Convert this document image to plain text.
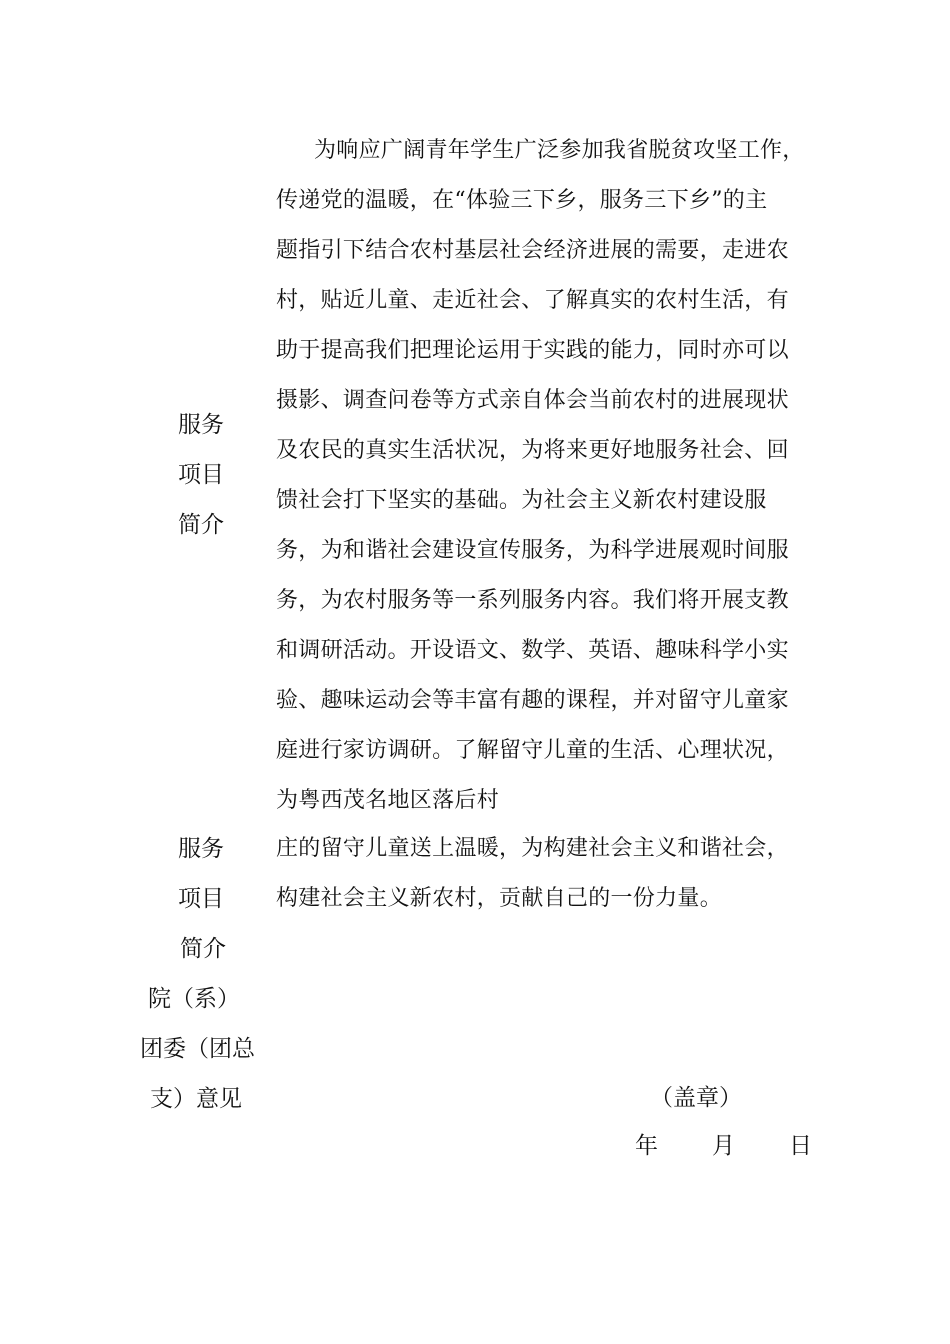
服务
项目
简介
为响应广阔青年学生广泛参加我省脱贫攻坚工作，
传递党的温暖，在“体验三下乡，服务三下乡”的主
题指引下结合农村基层社会经济进展的需要，走进农
村，贴近儿童、走近社会、了解真实的农村生活，有
助于提高我们把理论运用于实践的能力，同时亦可以
摄影、调查问卷等方式亲自体会当前农村的进展现状
及农民的真实生活状况，为将来更好地服务社会、回
馈社会打下坚实的基础。为社会主义新农村建设服
务，为和谐社会建设宣传服务，为科学进展观时间服
务，为农村服务等一系列服务内容。我们将开展支教
和调研活动。开设语文、数学、英语、趣味科学小实
验、趣味运动会等丰富有趣的课程，并对留守儿童家
庭进行家访调研。了解留守儿童的生活、心理状况，
为粤西茂名地区落后村
服务
项目
简介
庄的留守儿童送上温暖，为构建社会主义和谐社会，
构建社会主义新农村，贡献自己的一份力量。
院（系）
团委（团总
支）意见	（盖章）
年 月 日
